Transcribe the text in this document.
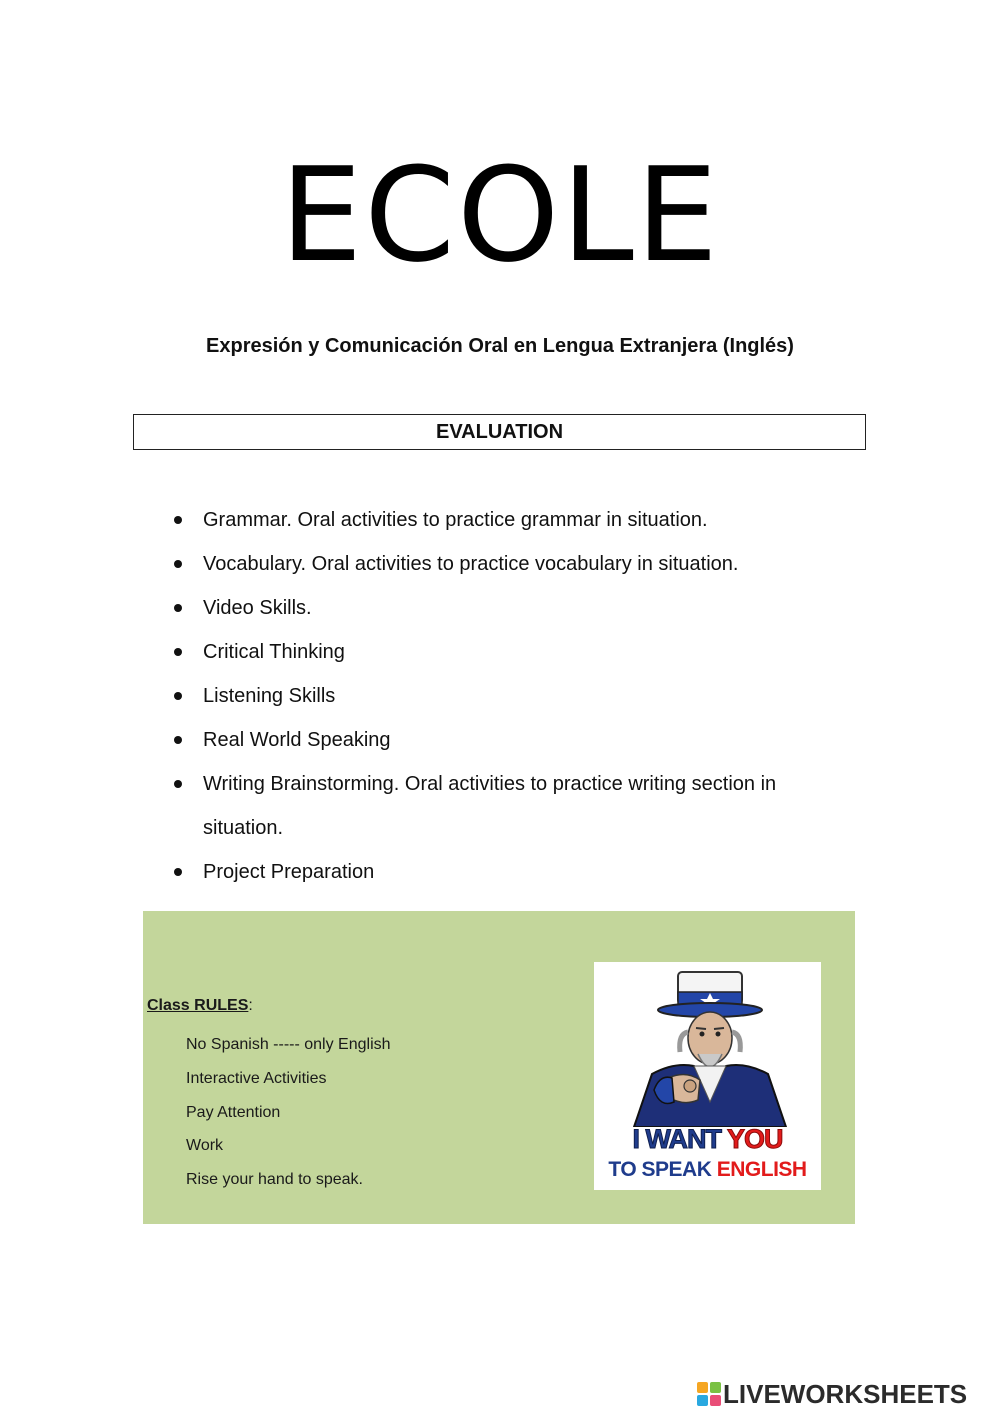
ECOLE
Expresión y Comunicación Oral en Lengua Extranjera (Inglés)
EVALUATION
Grammar. Oral activities to practice grammar in situation.
Vocabulary. Oral activities to practice vocabulary in situation.
Video Skills.
Critical Thinking
Listening Skills
Real World Speaking
Writing Brainstorming. Oral activities to practice writing section in
situation.
Project Preparation
Class RULES:
No Spanish ----- only English
Interactive Activities
Pay Attention
Work
Rise your hand to speak.
I WANT YOU
TO SPEAK ENGLISH
LIVEWORKSHEETS
